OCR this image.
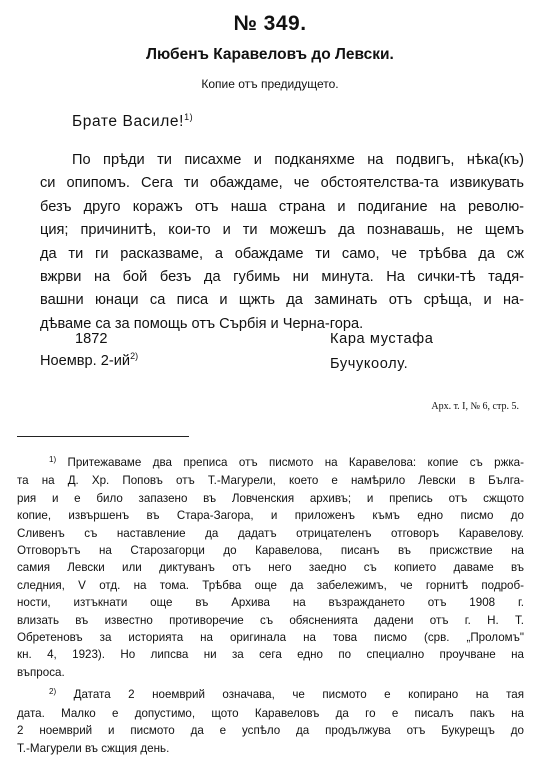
№ 349.
Любенъ Каравеловъ до Левски.
Копие отъ предидущето.
Брате Василе!$^{1)}$
По прѣди ти писахме и подканяхме на подвигъ, нѣка(къ)
си опипомъ. Сега ти обаждаме, че обстоятелства-та извикувать
безъ друго коражъ отъ наша страна и подигание на револю-
ция; причинитѣ, кои-то и ти можешъ да познавашь, не щемъ
да ти ги расказваме, а обаждаме ти само, че трѣбва да сж
вжрви на бой безъ да губимь ни минута. На сички-тѣ тадя-
вашни юнаци са писа и щжть да заминать отъ срѣща, и на-
дѣваме са за помощь отъ Сърбія и Черна-гора.
1872
Ноемвр. $2-ий^{2)}$
Кара мустафа
Бучукоолу.
Арх. т. I, № 6, стр. 5.
$^{1)}$ Притежаваме два преписа отъ писмото на Каравелова: копие съ ржка-
та на Д. Хр. Поповъ отъ Т.-Магурели, което е намѣрило Левски в Бълга-
рия и е било запазено въ Ловченския архивъ; и препись отъ сжщото
копие, извършенъ въ Стара-Загора, и приложенъ къмъ едно писмо до
Сливенъ съ наставление да дадатъ отрицателенъ отговоръ Каравелову.
Отговорътъ на Старозагорци до Каравелова, писанъ въ присжствие на
самия Левски или диктуванъ отъ него заедно съ копието даваме въ
следния, V отд. на тома. Трѣбва още да забележимъ, че горнитѣ подроб-
ности, изтъкнати още въ Архива на възраждането отъ 1908 г.
влизать въ известно противоречие съ обясненията дадени отъ г. Н. Т.
Обретеновъ за историята на оригинала на това писмо (срв. „Проломъ"
кн. 4, 1923). Но липсва ни за сега едно по специално проучване на
въпроса.
$^{2)}$ Датата 2 ноемврий означава, че писмото е копирано на тая
дата. Малко е допустимо, щото Каравеловъ да го е писалъ пакъ на
2 ноемврий и писмото да е успѣло да продължува отъ Букурещъ до
Т.-Магурели въ сжщия день.
